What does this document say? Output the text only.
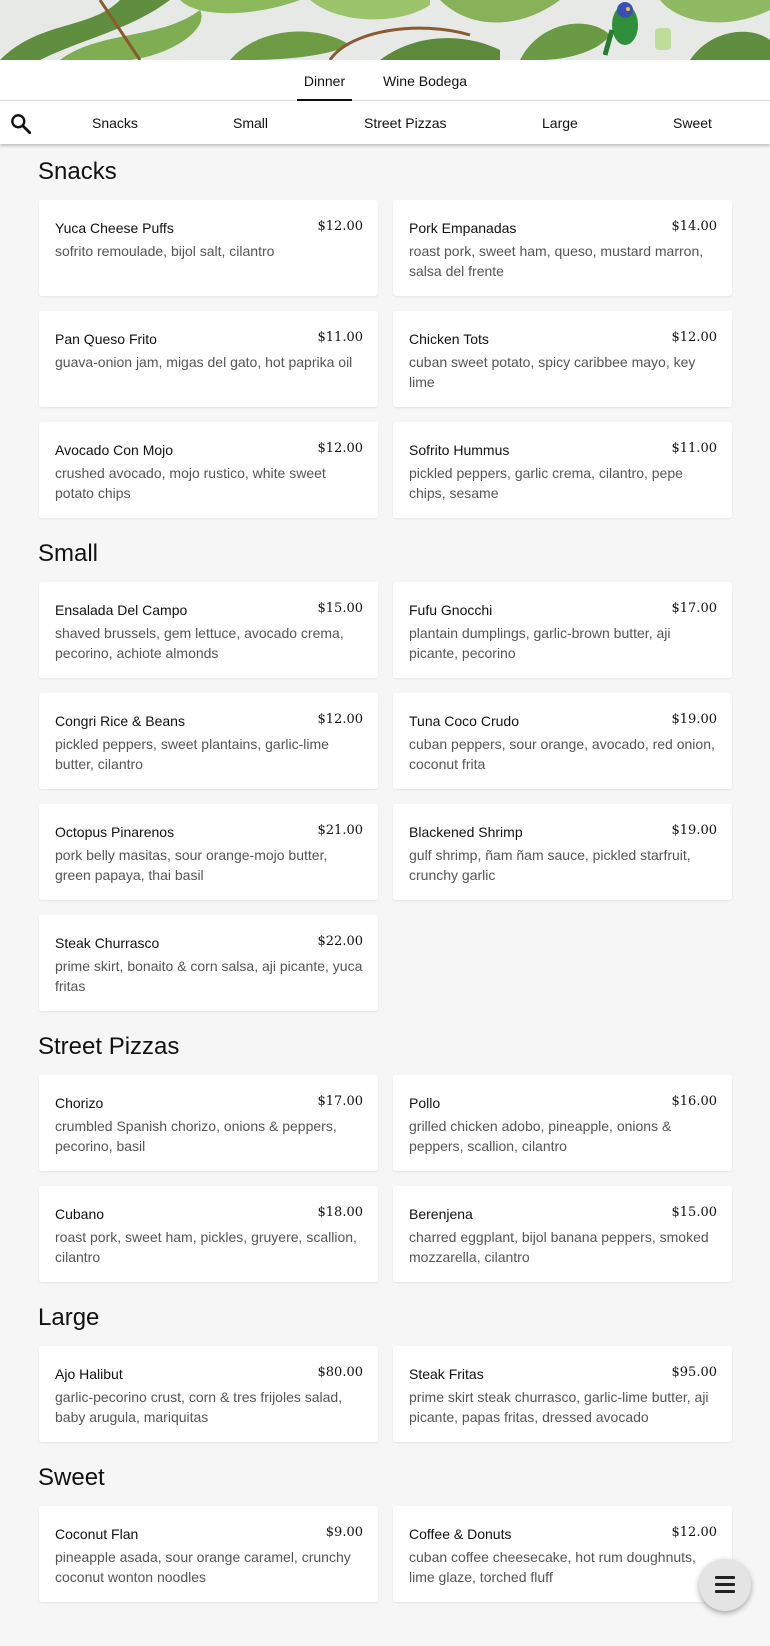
Dinner	Wine Bodega
Snacks	Small	Street Pizzas	Large	Sweet
Snacks
Yuca Cheese Puffs	$12.00
sofrito remoulade, bijol salt, cilantro
Pork Empanadas	$14.00
roast pork, sweet ham, queso, mustard marron, salsa del frente
Pan Queso Frito	$11.00
guava-onion jam, migas del gato, hot paprika oil
Chicken Tots	$12.00
cuban sweet potato, spicy caribbee mayo, key lime
Avocado Con Mojo	$12.00
crushed avocado, mojo rustico, white sweet potato chips
Sofrito Hummus	$11.00
pickled peppers, garlic crema, cilantro, pepe chips, sesame
Small
Ensalada Del Campo	$15.00
shaved brussels, gem lettuce, avocado crema, pecorino, achiote almonds
Fufu Gnocchi	$17.00
plantain dumplings, garlic-brown butter, aji picante, pecorino
Congri Rice & Beans	$12.00
pickled peppers, sweet plantains, garlic-lime butter, cilantro
Tuna Coco Crudo	$19.00
cuban peppers, sour orange, avocado, red onion, coconut frita
Octopus Pinarenos	$21.00
pork belly masitas, sour orange-mojo butter, green papaya, thai basil
Blackened Shrimp	$19.00
gulf shrimp, ñam ñam sauce, pickled starfruit, crunchy garlic
Steak Churrasco	$22.00
prime skirt, bonaito & corn salsa, aji picante, yuca fritas
Street Pizzas
Chorizo	$17.00
crumbled Spanish chorizo, onions & peppers, pecorino, basil
Pollo	$16.00
grilled chicken adobo, pineapple, onions & peppers, scallion, cilantro
Cubano	$18.00
roast pork, sweet ham, pickles, gruyere, scallion, cilantro
Berenjena	$15.00
charred eggplant, bijol banana peppers, smoked mozzarella, cilantro
Large
Ajo Halibut	$80.00
garlic-pecorino crust, corn & tres frijoles salad, baby arugula, mariquitas
Steak Fritas	$95.00
prime skirt steak churrasco, garlic-lime butter, aji picante, papas fritas, dressed avocado
Sweet
Coconut Flan	$9.00
pineapple asada, sour orange caramel, crunchy coconut wonton noodles
Coffee & Donuts	$12.00
cuban coffee cheesecake, hot rum doughnuts, lime glaze, torched fluff
